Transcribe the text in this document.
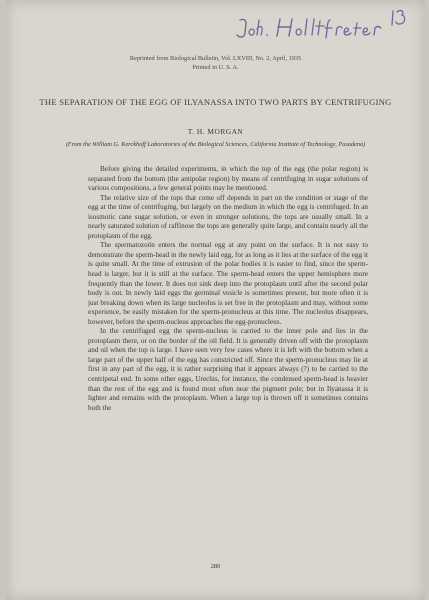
Reprinted from Biological Bulletin, Vol. LXVIII, No. 2, April, 1935
Printed in U. S. A.
THE SEPARATION OF THE EGG OF ILYANASSA INTO TWO PARTS BY CENTRIFUGING
T. H. MORGAN
(From the William G. Kerckhoff Laboratories of the Biological Sciences, California Institute of Technology, Pasadena)

Before giving the detailed experiments, in which the top of the egg (the polar region) is separated from the bottom (the antipolar region) by means of centrifuging in sugar solutions of various compositions, a few general points may be mentioned.

The relative size of the tops that come off depends in part on the condition or stage of the egg at the time of centrifuging, but largely on the medium in which the egg is centrifuged. In an isosmotic cane sugar solution, or even in stronger solutions, the tops are usually small. In a nearly saturated solution of raffinose the tops are generally quite large, and contain nearly all the protoplasm of the egg.

The spermatozoön enters the normal egg at any point on the surface. It is not easy to demonstrate the sperm-head in the newly laid egg, for as long as it lies at the surface of the egg it is quite small. At the time of extrusion of the polar bodies it is easier to find, since the sperm-head is larger, but it is still at the surface. The sperm-head enters the upper hemisphere more frequently than the lower. It does not sink deep into the protoplasm until after the second polar body is out. In newly laid eggs the germinal vesicle is sometimes present, but more often it is just breaking down when its large nucleolus is set free in the protoplasm and may, without some experience, be easily mistaken for the sperm-pronucleus at this time. The nucleolus disappears, however, before the sperm-nucleus approaches the egg-pronucleus.

In the centrifuged egg the sperm-nucleus is carried to the inner pole and lies in the protoplasm there, or on the border of the oil field. It is generally driven off with the protoplasm and oil when the top is large. I have seen very few cases where it is left with the bottom when a large part of the upper half of the egg has constricted off. Since the sperm-pronucleus may lie at first in any part of the egg, it is rather surprising that it appears always (?) to be carried to the centripetal end. In some other eggs, Urechis, for instance, the condensed sperm-head is heavier than the rest of the egg and is found most often near the pigment pole; but in Ilyanassa it is lighter and remains with the protoplasm. When a large top is thrown off it sometimes contains both the

280
